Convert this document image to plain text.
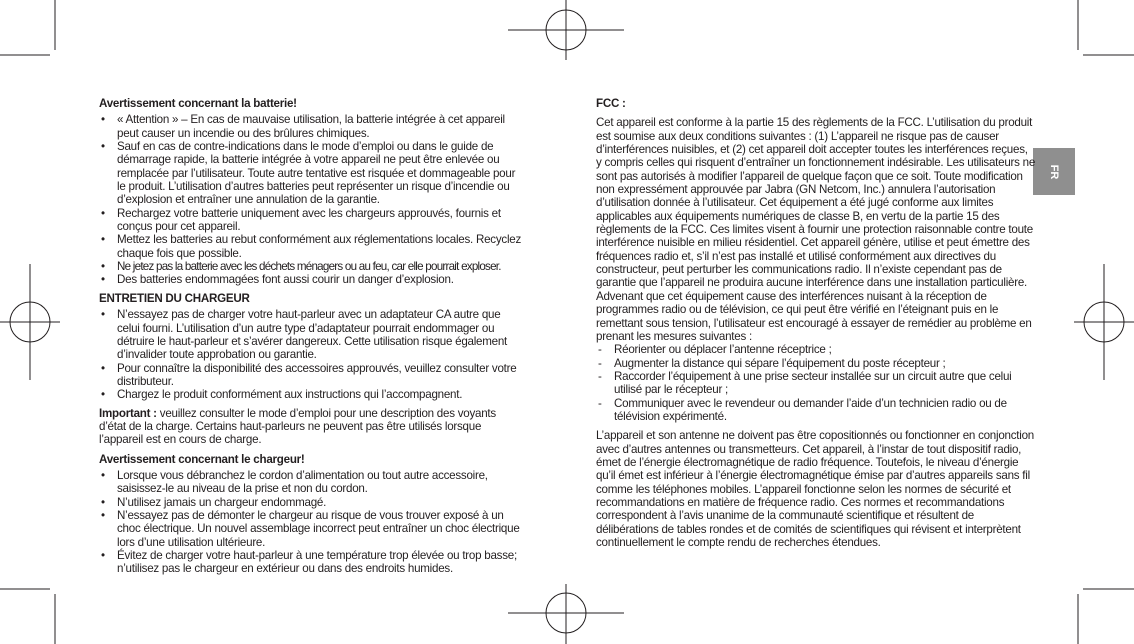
FR
Avertissement concernant la batterie!
• « Attention » – En cas de mauvaise utilisation, la batterie intégrée à cet appareil peut causer un incendie ou des brûlures chimiques.
• Sauf en cas de contre-indications dans le mode d’emploi ou dans le guide de démarrage rapide, la batterie intégrée à votre appareil ne peut être enlevée ou remplacée par l’utilisateur. Toute autre tentative est risquée et dommageable pour le produit. L’utilisation d’autres batteries peut représenter un risque d’incendie ou d’explosion et entraîner une annulation de la garantie.
• Rechargez votre batterie uniquement avec les chargeurs approuvés, fournis et conçus pour cet appareil.
• Mettez les batteries au rebut conformément aux réglementations locales. Recyclez chaque fois que possible.
• Ne jetez pas la batterie avec les déchets ménagers ou au feu, car elle pourrait exploser.
• Des batteries endommagées font aussi courir un danger d’explosion.
ENTRETIEN DU CHARGEUR
• N’essayez pas de charger votre haut-parleur avec un adaptateur CA autre que celui fourni. L’utilisation d’un autre type d’adaptateur pourrait endommager ou détruire le haut-parleur et s’avérer dangereux. Cette utilisation risque également d’invalider toute approbation ou garantie.
• Pour connaître la disponibilité des accessoires approuvés, veuillez consulter votre distributeur.
• Chargez le produit conformément aux instructions qui l’accompagnent.

Important : veuillez consulter le mode d’emploi pour une description des voyants d’état de la charge. Certains haut-parleurs ne peuvent pas être utilisés lorsque l’appareil est en cours de charge.

Avertissement concernant le chargeur!
• Lorsque vous débranchez le cordon d’alimentation ou tout autre accessoire, saisissez-le au niveau de la prise et non du cordon.
• N’utilisez jamais un chargeur endommagé.
• N’essayez pas de démonter le chargeur au risque de vous trouver exposé à un choc électrique. Un nouvel assemblage incorrect peut entraîner un choc électrique lors d’une utilisation ultérieure.
• Évitez de charger votre haut-parleur à une température trop élevée ou trop basse; n’utilisez pas le chargeur en extérieur ou dans des endroits humides.
FCC :

Cet appareil est conforme à la partie 15 des règlements de la FCC. L’utilisation du produit est soumise aux deux conditions suivantes : (1) L’appareil ne risque pas de causer d’interférences nuisibles, et (2) cet appareil doit accepter toutes les interférences reçues, y compris celles qui risquent d’entraîner un fonctionnement indésirable. Les utilisateurs ne sont pas autorisés à modifier l’appareil de quelque façon que ce soit. Toute modification non expressément approuvée par Jabra (GN Netcom, Inc.) annulera l’autorisation d’utilisation donnée à l’utilisateur. Cet équipement a été jugé conforme aux limites applicables aux équipements numériques de classe B, en vertu de la partie 15 des règlements de la FCC. Ces limites visent à fournir une protection raisonnable contre toute interférence nuisible en milieu résidentiel. Cet appareil génère, utilise et peut émettre des fréquences radio et, s’il n’est pas installé et utilisé conformément aux directives du constructeur, peut perturber les communications radio. Il n’existe cependant pas de garantie que l’appareil ne produira aucune interférence dans une installation particulière. Advenant que cet équipement cause des interférences nuisant à la réception de programmes radio ou de télévision, ce qui peut être vérifié en l’éteignant puis en le remettant sous tension, l’utilisateur est encouragé à essayer de remédier au problème en prenant les mesures suivantes :

- Réorienter ou déplacer l’antenne réceptrice ;
- Augmenter la distance qui sépare l’équipement du poste récepteur ;
- Raccorder l’équipement à une prise secteur installée sur un circuit autre que celui utilisé par le récepteur ;
- Communiquer avec le revendeur ou demander l’aide d’un technicien radio ou de télévision expérimenté.

L’appareil et son antenne ne doivent pas être copositionnés ou fonctionner en conjonction avec d’autres antennes ou transmetteurs. Cet appareil, à l’instar de tout dispositif radio, émet de l’énergie électromagnétique de radio fréquence. Toutefois, le niveau d’énergie qu’il émet est inférieur à l’énergie électromagnétique émise par d’autres appareils sans fil comme les téléphones mobiles. L’appareil fonctionne selon les normes de sécurité et recommandations en matière de fréquence radio. Ces normes et recommandations correspondent à l’avis unanime de la communauté scientifique et résultent de délibérations de tables rondes et de comités de scientifiques qui révisent et interprètent continuellement le compte rendu de recherches étendues.
